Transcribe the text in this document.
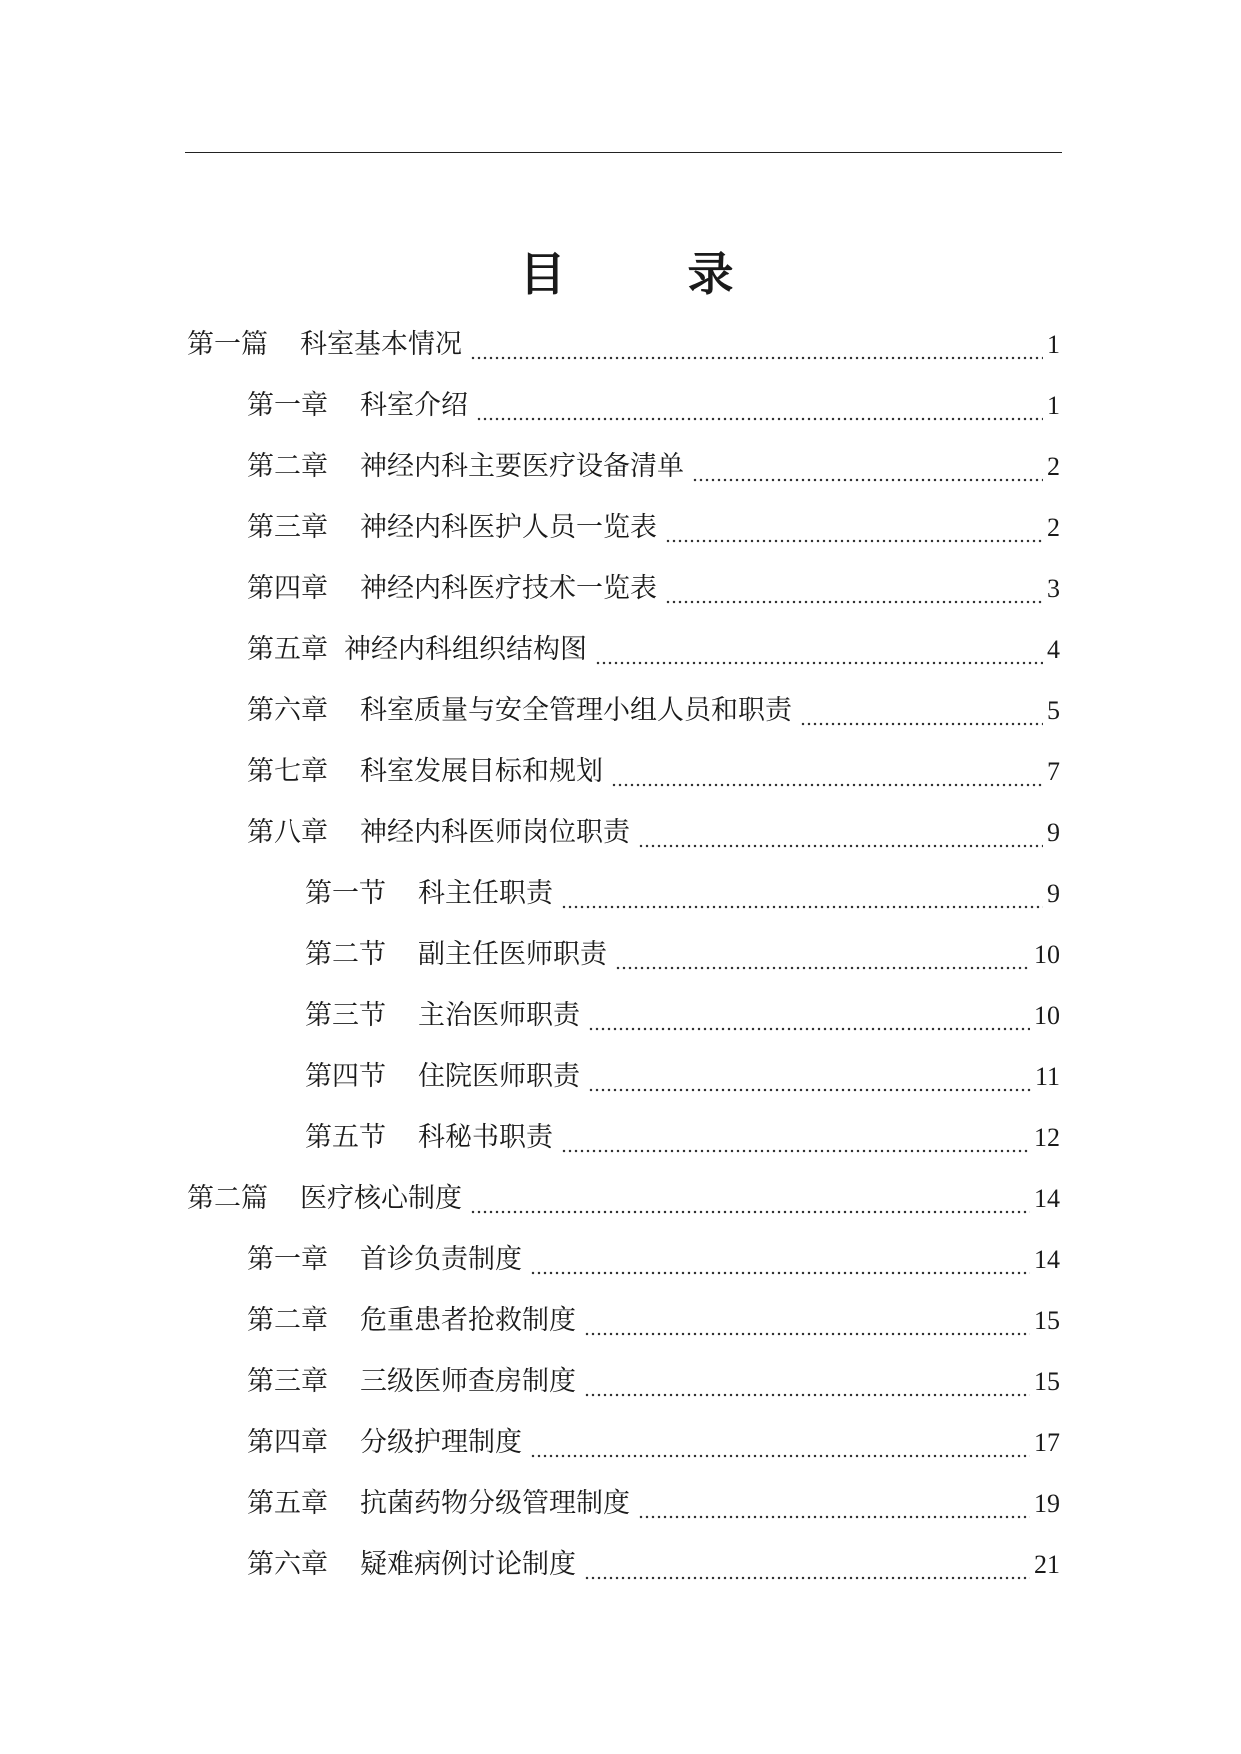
目　录
第一篇 科室基本情况	1
第一章 科室介绍	1
第二章 神经内科主要医疗设备清单	2
第三章 神经内科医护人员一览表	2
第四章 神经内科医疗技术一览表	3
第五章 神经内科组织结构图	4
第六章 科室质量与安全管理小组人员和职责	5
第七章 科室发展目标和规划	7
第八章 神经内科医师岗位职责	9
第一节 科主任职责	9
第二节 副主任医师职责	10
第三节 主治医师职责	10
第四节 住院医师职责	11
第五节 科秘书职责	12
第二篇 医疗核心制度	14
第一章 首诊负责制度	14
第二章 危重患者抢救制度	15
第三章 三级医师查房制度	15
第四章 分级护理制度	17
第五章 抗菌药物分级管理制度	19
第六章 疑难病例讨论制度	21
